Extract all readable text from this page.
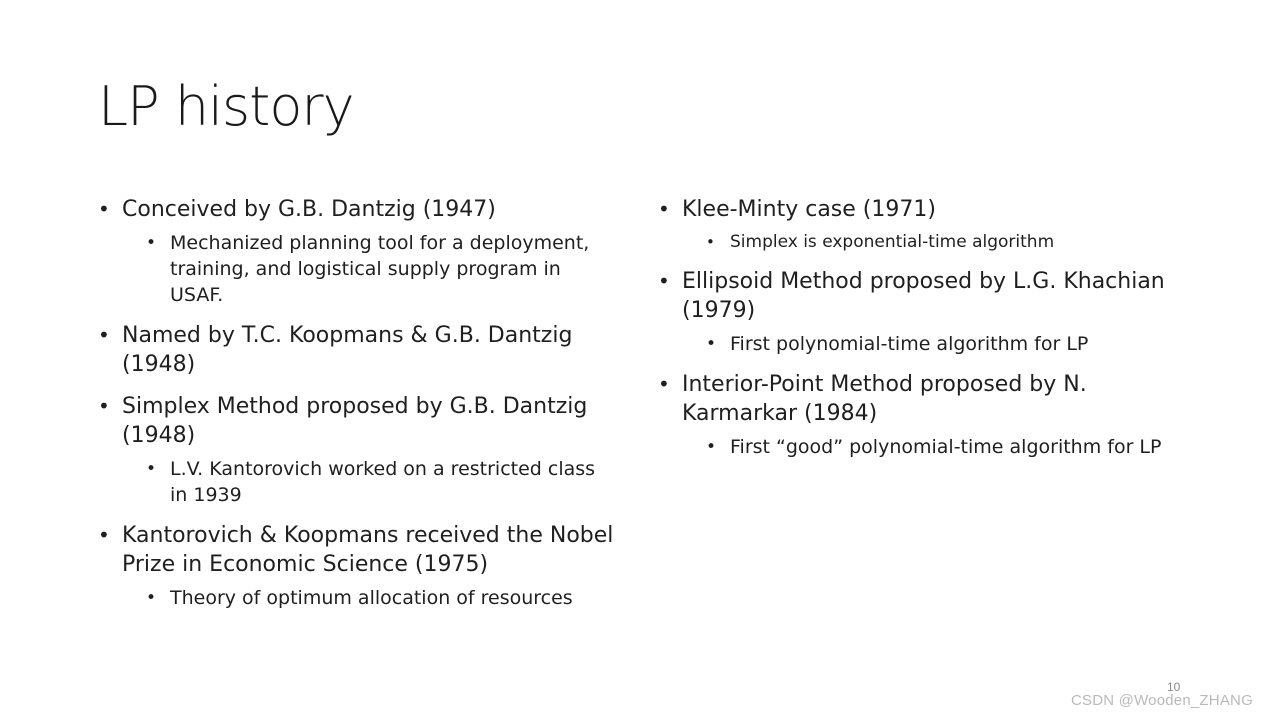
LP history

• Conceived by G.B. Dantzig (1947)

• Mechanized planning tool for a deployment, training, and logistical supply program in USAF.

• Named by T.C. Koopmans & G.B. Dantzig (1948)

• Simplex Method proposed by G.B. Dantzig (1948)

• L.V. Kantorovich worked on a restricted class in 1939

• Kantorovich & Koopmans received the Nobel Prize in Economic Science (1975)

• Theory of optimum allocation of resources

• Klee-Minty case (1971)

• Simplex is exponential-time algorithm

• Ellipsoid Method proposed by L.G. Khachian (1979)

• First polynomial-time algorithm for LP

• Interior-Point Method proposed by N. Karmarkar (1984)

• First “good” polynomial-time algorithm for LP

10
CSDN @Wooden_ZHANG
